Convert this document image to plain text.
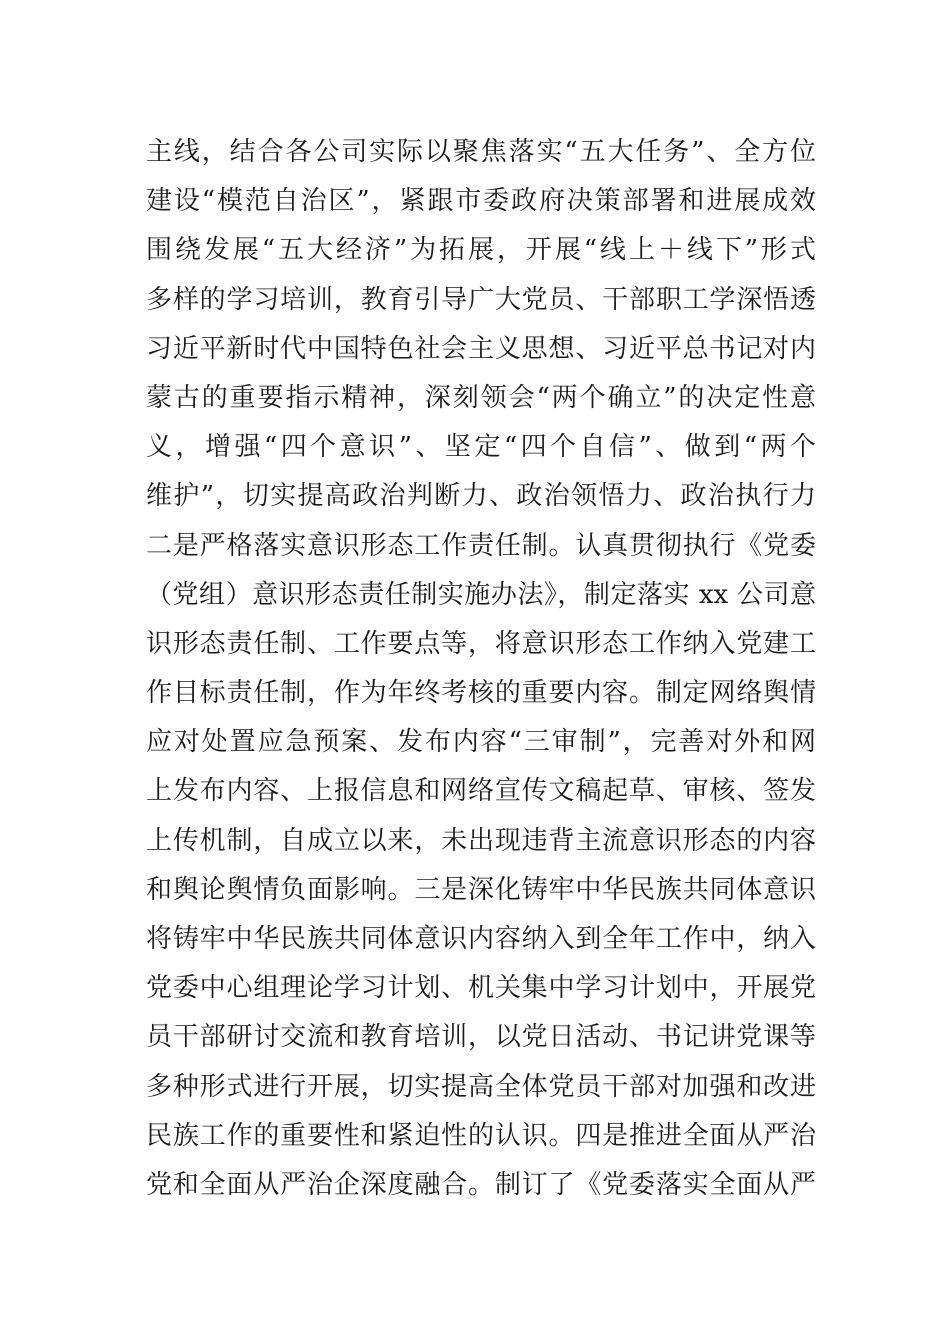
主线，结合各公司实际以聚焦落实“五大任务”、全方位
建设“模范自治区”，紧跟市委政府决策部署和进展成效
围绕发展“五大经济”为拓展，开展“线上＋线下”形式
多样的学习培训，教育引导广大党员、干部职工学深悟透
习近平新时代中国特色社会主义思想、习近平总书记对内
蒙古的重要指示精神，深刻领会“两个确立”的决定性意
义，增强“四个意识”、坚定“四个自信”、做到“两个
维护”，切实提高政治判断力、政治领悟力、政治执行力
二是严格落实意识形态工作责任制。认真贯彻执行《党委
（党组）意识形态责任制实施办法》，制定落实 xx 公司意
识形态责任制、工作要点等，将意识形态工作纳入党建工
作目标责任制，作为年终考核的重要内容。制定网络舆情
应对处置应急预案、发布内容“三审制”，完善对外和网
上发布内容、上报信息和网络宣传文稿起草、审核、签发
上传机制，自成立以来，未出现违背主流意识形态的内容
和舆论舆情负面影响。三是深化铸牢中华民族共同体意识
将铸牢中华民族共同体意识内容纳入到全年工作中，纳入
党委中心组理论学习计划、机关集中学习计划中，开展党
员干部研讨交流和教育培训，以党日活动、书记讲党课等
多种形式进行开展，切实提高全体党员干部对加强和改进
民族工作的重要性和紧迫性的认识。四是推进全面从严治
党和全面从严治企深度融合。制订了《党委落实全面从严
